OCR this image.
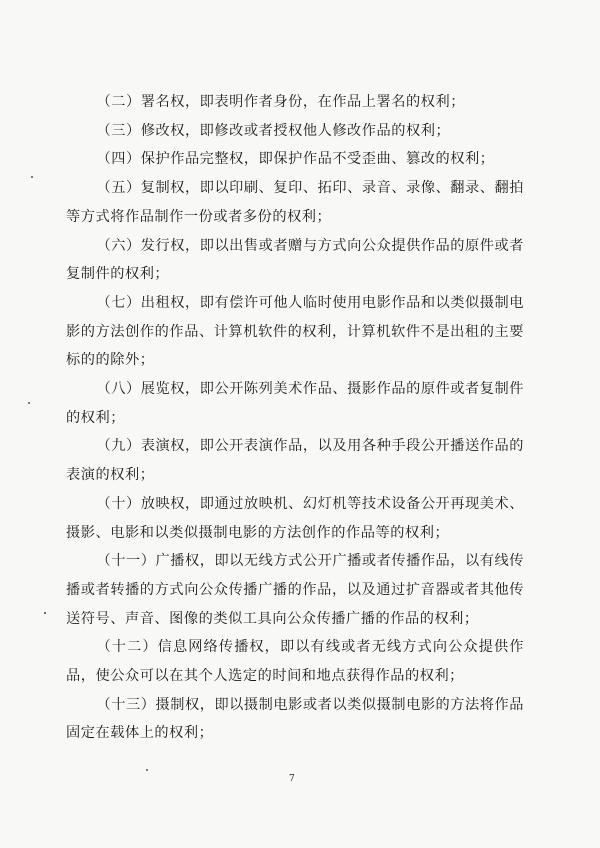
（二）署名权，即表明作者身份，在作品上署名的权利；

（三）修改权，即修改或者授权他人修改作品的权利；

（四）保护作品完整权，即保护作品不受歪曲、篡改的权利；

（五）复制权，即以印刷、复印、拓印、录音、录像、翻录、翻拍等方式将作品制作一份或者多份的权利；

（六）发行权，即以出售或者赠与方式向公众提供作品的原件或者复制件的权利；

（七）出租权，即有偿许可他人临时使用电影作品和以类似摄制电影的方法创作的作品、计算机软件的权利，计算机软件不是出租的主要标的的除外；

（八）展览权，即公开陈列美术作品、摄影作品的原件或者复制件的权利；

（九）表演权，即公开表演作品，以及用各种手段公开播送作品的表演的权利；

（十）放映权，即通过放映机、幻灯机等技术设备公开再现美术、摄影、电影和以类似摄制电影的方法创作的作品等的权利；

（十一）广播权，即以无线方式公开广播或者传播作品，以有线传播或者转播的方式向公众传播广播的作品，以及通过扩音器或者其他传送符号、声音、图像的类似工具向公众传播广播的作品的权利；

（十二）信息网络传播权，即以有线或者无线方式向公众提供作品，使公众可以在其个人选定的时间和地点获得作品的权利；

（十三）摄制权，即以摄制电影或者以类似摄制电影的方法将作品固定在载体上的权利；

7
